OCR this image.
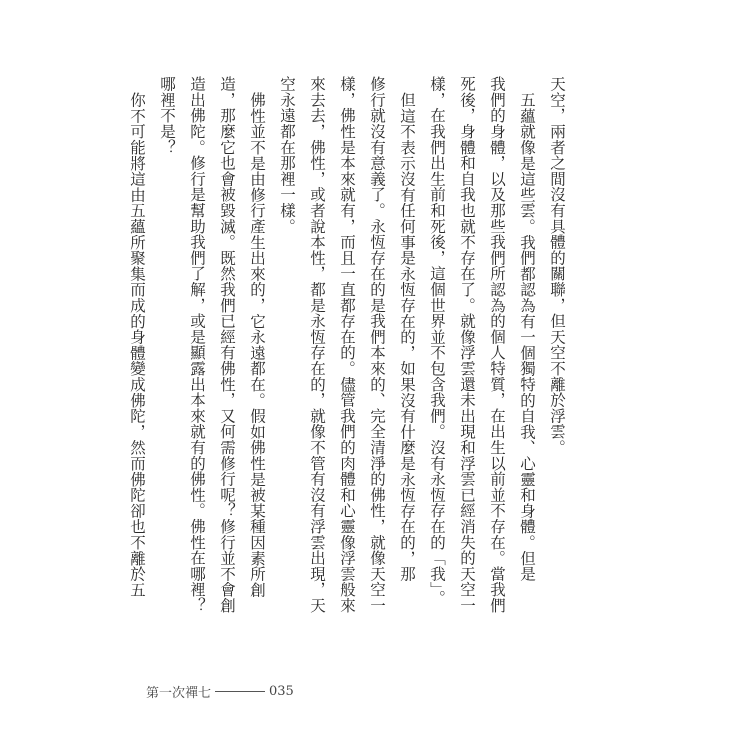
天空，兩者之間沒有具體的關聯，但天空不離於浮雲。
五蘊就像是這些雲。我們都認為有一個獨特的自我、心靈和身體。但是
我們的身體，以及那些我們所認為的個人特質，在出生以前並不存在。當我們
死後，身體和自我也就不存在了。就像浮雲還未出現和浮雲已經消失的天空一
樣，在我們出生前和死後，這個世界並不包含我們。沒有永恆存在的「我」。
但這不表示沒有任何事是永恆存在的，如果沒有什麼是永恆存在的，那
修行就沒有意義了。永恆存在的是我們本來的、完全清淨的佛性，就像天空一
樣，佛性是本來就有，而且一直都存在的。儘管我們的肉體和心靈像浮雲般來
來去去，佛性，或者說本性，都是永恆存在的，就像不管有沒有浮雲出現，天
空永遠都在那裡一樣。
佛性並不是由修行產生出來的，它永遠都在。假如佛性是被某種因素所創
造，那麼它也會被毀滅。既然我們已經有佛性，又何需修行呢？修行並不會創
造出佛陀。修行是幫助我們了解，或是顯露出本來就有的佛性。佛性在哪裡？
哪裡不是？
你不可能將這由五蘊所聚集而成的身體變成佛陀，然而佛陀卻也不離於五
第一次禪七	035
